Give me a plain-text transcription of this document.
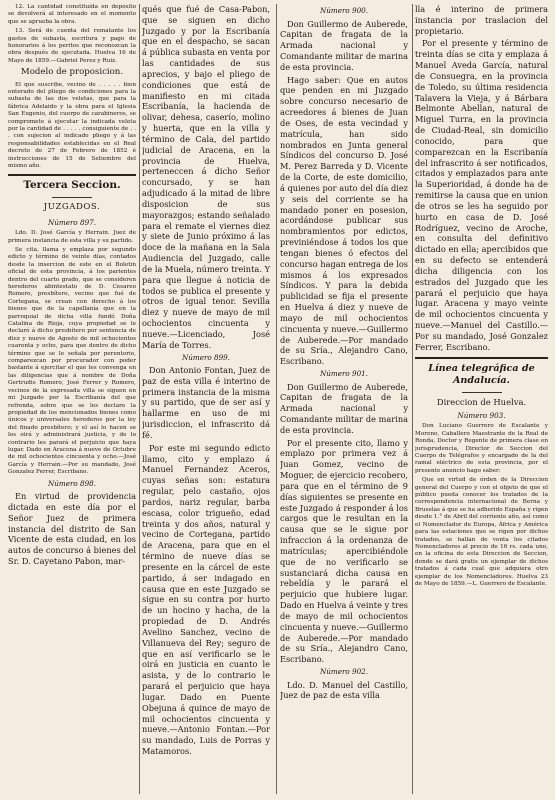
12. La cantidad constituida en depósito se devolverá al interesado en el momento que se aprueba la obra.

13. Será de cuenta del rematante los gastos de subasta, escritura y pago de honorarios á los peritos que reconozcan la obra después de ejecutada. Huelva 16 de Mayo de 1859.—Gabriel Perez y Ruiz.

Modelo de proposicion.

El que suscribe, vecino de . . . . . bien enterado del pliego de condiciones para la subasta de las dos veletas, que para la fábrica Adelaido y la obra para el Iglesia San Eugenio, del cuerpo de carabineros, se compromete á ejecutar la indicada veleta por la cantidad de . . . . . consiguiente de . . . con sujecion al indicado pliego y á las responsabilidades establecidas en el Real decreto de 27 de Febrero de 1852 é instrucciones de 15 de Setiembre del mismo año.

Tercera Seccion.
JUZGADOS.
Número 897.

Ldo. D. José García y Herrain. Juez de primera instancia de esta villa y su partido.

Se cita, llama y emplaza por segundo edicto y término de veinte días, contados desde la insercion de este en el Boletin oficial de esta provincia, á los parientes dentro del cuarto grado, que se consideren herederos abintestato de D. Cesareo Romero, presbítero, vecino que fué de Cortegana, se crean con derecho á los bienes que de la capellanía que en la parroquial de dicha villa fundó Doña Catalina de Rioja, cuya propiedad se le declaró á dicho presbítero por sentencia de diez y nueve de Agosto de mil ochocientos cuarenta y ocho, para que dentro de dicho término que se le señala por perentorio, comparezcan por procurador con poder bastante á ejercitar el que les convenga en las diligencias que á nombre de Doña Gertrudis Romero, José Ferrer y Romero, vecinos de la expresada villa se siguen en mi Juzgado por la Escribanía del que refrenda, sobre que se les declare la propiedad de los mencionados bienes como únicos y universales herederos por la ley del finado presbítero; y el así lo hacen se les oirá y administrará justicia, y de lo contrario les parará el perjuicio que haya lugar. Dado en Aracena á nueve de Octubre de mil ochocientos cincuenta y ocho.—José García y Herrain.—Por su mandado, José Gonzalez Ferrer, Escribano.

Número 898.

En virtud de providencia dictada en este día por el Señor Juez de primera instancia del distrito de San Vicente de esta ciudad, en los autos de concurso á bienes del Sr. D. Cayetano Pabon, mar-

qués que fué de Casa-Pabon, que se siguen en dicho Juzgado y por la Escribanía que en el despacho, se sacan á pública subasta en venta por las cantidades de sus aprecios, y bajo el pliego de condiciones que está de manifiesto en mi citada Escribanía, la hacienda de olivar, dehesa, caserío, molino y huerta, que en la villa y término de Cala, del partido judicial de Aracena, en la provincia de Huelva, perteneccen á dicho Señor concursado, y se han adjudicado á la mitad de libre disposicion de sus mayorazgos; estando señalado para el remate el viernes diez y siete de Junio próximo á las doce de la mañana en la Sala Audiencia del Juzgado, calle de la Muela, número treinta. Y para que llegue á noticia de todos se publica el presente y otros de igual tenor. Sevilla diez y nueve de mayo de mil ochocientos cincuenta y nueve.—Licenciado, José María de Torres.

Número 899.

Don Antonio Fontan, Juez de paz de esta villa é interino de primera instancia de la misma y su partido, que de ser así y hallarme en uso de mi jurisdiccion, el infrascrito dá fé.

Por este mi segundo edicto llamo, cito y emplazo á Manuel Fernandez Aceros, cuyas señas son: estatura regular, pelo castaño, ojos pardos, nariz regular, barba escasa, color trigueño, edad treinta y dos años, natural y vecino de Cortegana, partido de Aracena, para que en el término de nueve días se presente en la cárcel de este partido, á ser indagado en causa que en este Juzgado se sigue en su contra por hurto de un hocino y hacha, de la propiedad de D. Andrés Avelino Sanchez, vecino de Villanueva del Rey; seguro de que en así verificarlo se le oirá en justicia en cuanto le asista, y de lo contrario le parará el perjuicio que haya lugar. Dado en Puente Obejuna á quince de mayo de mil ochocientos cincuenta y nueve.—Antonio Fontan.—Por su mandado, Luis de Porras y Matamoros.

Número 900.

Don Guillermo de Auberede, Capitan de fragata de la Armada nacional y Comandante militar de marina de esta provincia.

Hago saber: Que en autos que penden en mi Juzgado sobre concurso necesario de acreedores á bienes de Juan de Oses, de esta vecindad y matrícula, han sido nombrados en Junta general Síndicos del concurso D. José M. Perez Barreda y D. Vicente de la Corte, de este domicilio, á quienes por auto del día diez y seis del corriente se ha mandado poner en posesion, acordándose publicar sus nombramientos por edictos, previniéndose á todos los que tengan bienes ó efectos del concurso hagan entrega de los mismos á los expresados Síndicos. Y para la debida publicidad se fija el presente en Huelva á diez y nueve de mayo de mil ochocientos cincuenta y nueve.—Guillermo de Auberede.—Por mandado de su Sría., Alejandro Cano, Escribano.

Número 901.

Don Guillermo de Auberede, Capitan de fragata de la Armada nacional y Comandante militar de marina de esta provincia.

Por el presente cito, llamo y emplazo por primera vez á Juan Gomez, vecino de Moguer, de ejercicio recobero, para que en el término de 9 días siguientes se presente en este Juzgado á responder á los cargos que le resultan en la causa que se le sigue por infraccion á la ordenanza de matrículas; apercibiéndole que de no verificarlo se sustanciará dicha causa en rebeldía y le parará el perjuicio que hubiere lugar. Dado en Huelva á veinte y tres de mayo de mil ochocientos cincuenta y nueve.—Guillermo de Auberede.—Por mandado de su Sría., Alejandro Cano, Escribano.

Número 902.

Ldo. D. Manuel del Castillo, Juez de paz de esta villa

lla é interino de primera instancia por traslacion del propietario.

Por el presente y término de treinta días se cita y emplaza á Manuel Aveda García, natural de Consuegra, en la provincia de Toledo, su última residencia Talavera la Vieja, y á Bárbara Belmonte Abellan, natural de Miguel Turra, en la provincia de Ciudad-Real, sin domicilio conocido, para que comparezcan en la Escribanía del infrascrito á ser notificados, citados y emplazados para ante la Superioridad, á donde ha de remitirse la causa que en union de otros se les ha seguido por hurto en casa de D. José Rodríguez, vecino de Aroche, en consulta del definitivo dictado en ella; apercibidos que en su defecto se entenderá dicha diligencia con los estrados del Juzgado que les parará el perjuicio que haya lugar. Aracena y mayo veinte de mil ochocientos cincuenta y nueve.—Manuel del Castillo.—Por su mandado, José Gonzalez Ferrer, Escribano.

Línea telegráfica de Andalucía.
Direccion de Huelva.
Número 903.

Don Luciano Guerrero de Escalante y Moreno, Caballero Maestrante de la Real de Ronda, Doctor y Regente de primera clase en jurisprudencia, Director de Seccion del Cuerpo de Telégrafos y encargado de la del ramal eléctrico de esta provincia, por el presente anuncio hago saber:

Que en virtud de órden de la Direccion general del Cuerpo y con el objeto de que el público pueda conocer los tratados de la correspondencia internacional de Berna y Bruselas á que se ha adherido España y rigen desde 1.° de Abril del corriente año, así como el Nomenclador de Europa, África y América para las estaciones que se rigen por dichos tratados, se hallan de venta los citados Nomencladores al precio de 16 rs. cada uno, en la oficina de esta Direccion de Seccion, donde se dará gratis un ejemplar de dichos tratados á cada cual que adquiera otro ejemplar de los Nomencladores. Huelva 23 de Mayo de 1859.—L. Guerrero de Escalante.
